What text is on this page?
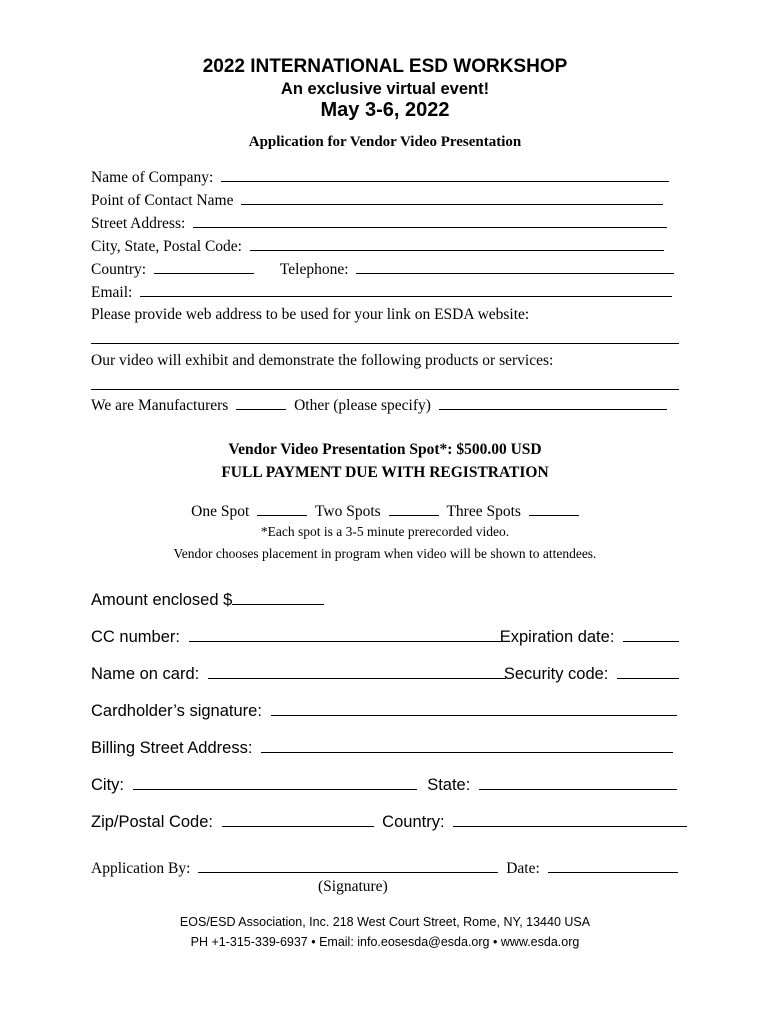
2022 INTERNATIONAL ESD WORKSHOP
An exclusive virtual event!
May 3-6, 2022
Application for Vendor Video Presentation
Name of Company:
Point of Contact Name
Street Address:
City, State, Postal Code:
Country:	Telephone:
Email:
Please provide web address to be used for your link on ESDA website:
Our video will exhibit and demonstrate the following products or services:
We are Manufacturers	Other (please specify)
Vendor Video Presentation Spot*: $500.00 USD
FULL PAYMENT DUE WITH REGISTRATION
One Spot	Two Spots	Three Spots
*Each spot is a 3-5 minute prerecorded video.
Vendor chooses placement in program when video will be shown to attendees.
Amount enclosed $
CC number:	Expiration date:
Name on card:	Security code:
Cardholder’s signature:
Billing Street Address:
City:	State:
Zip/Postal Code:	Country:
Application By:	Date:
(Signature)
EOS/ESD Association, Inc. 218 West Court Street, Rome, NY, 13440 USA
PH +1-315-339-6937 • Email: info.eosesda@esda.org • www.esda.org
